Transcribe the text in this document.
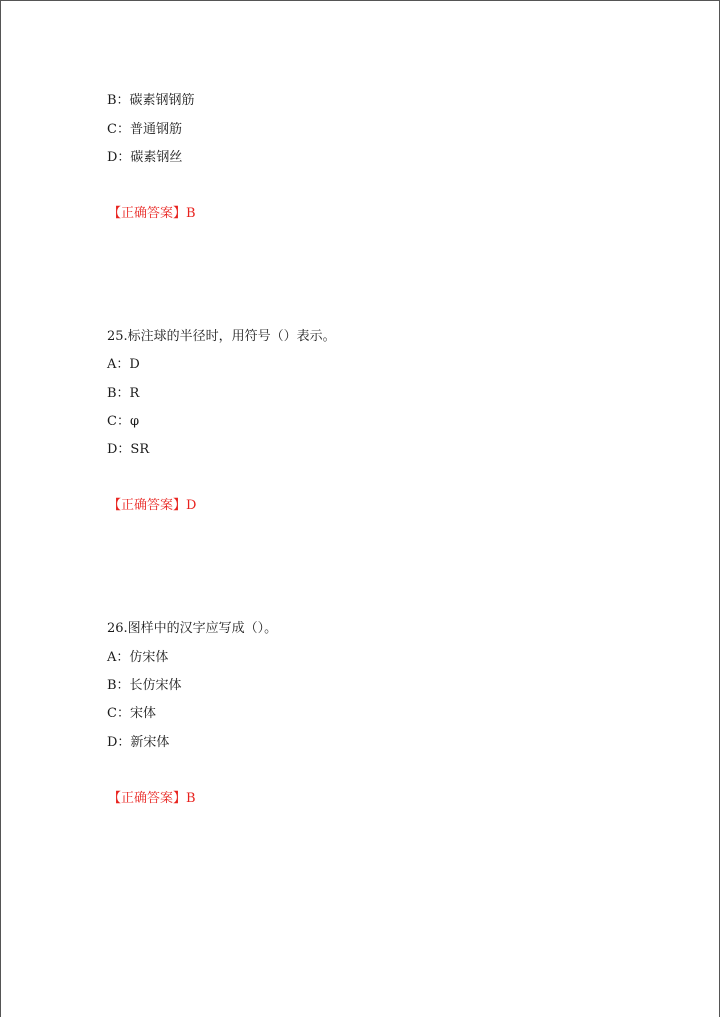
B：碳素钢钢筋
C：普通钢筋
D：碳素钢丝
【正确答案】B
25.标注球的半径时，用符号（）表示。
A：D
B：R
C：φ
D：SR
【正确答案】D
26.图样中的汉字应写成（）。
A：仿宋体
B：长仿宋体
C：宋体
D：新宋体
【正确答案】B
